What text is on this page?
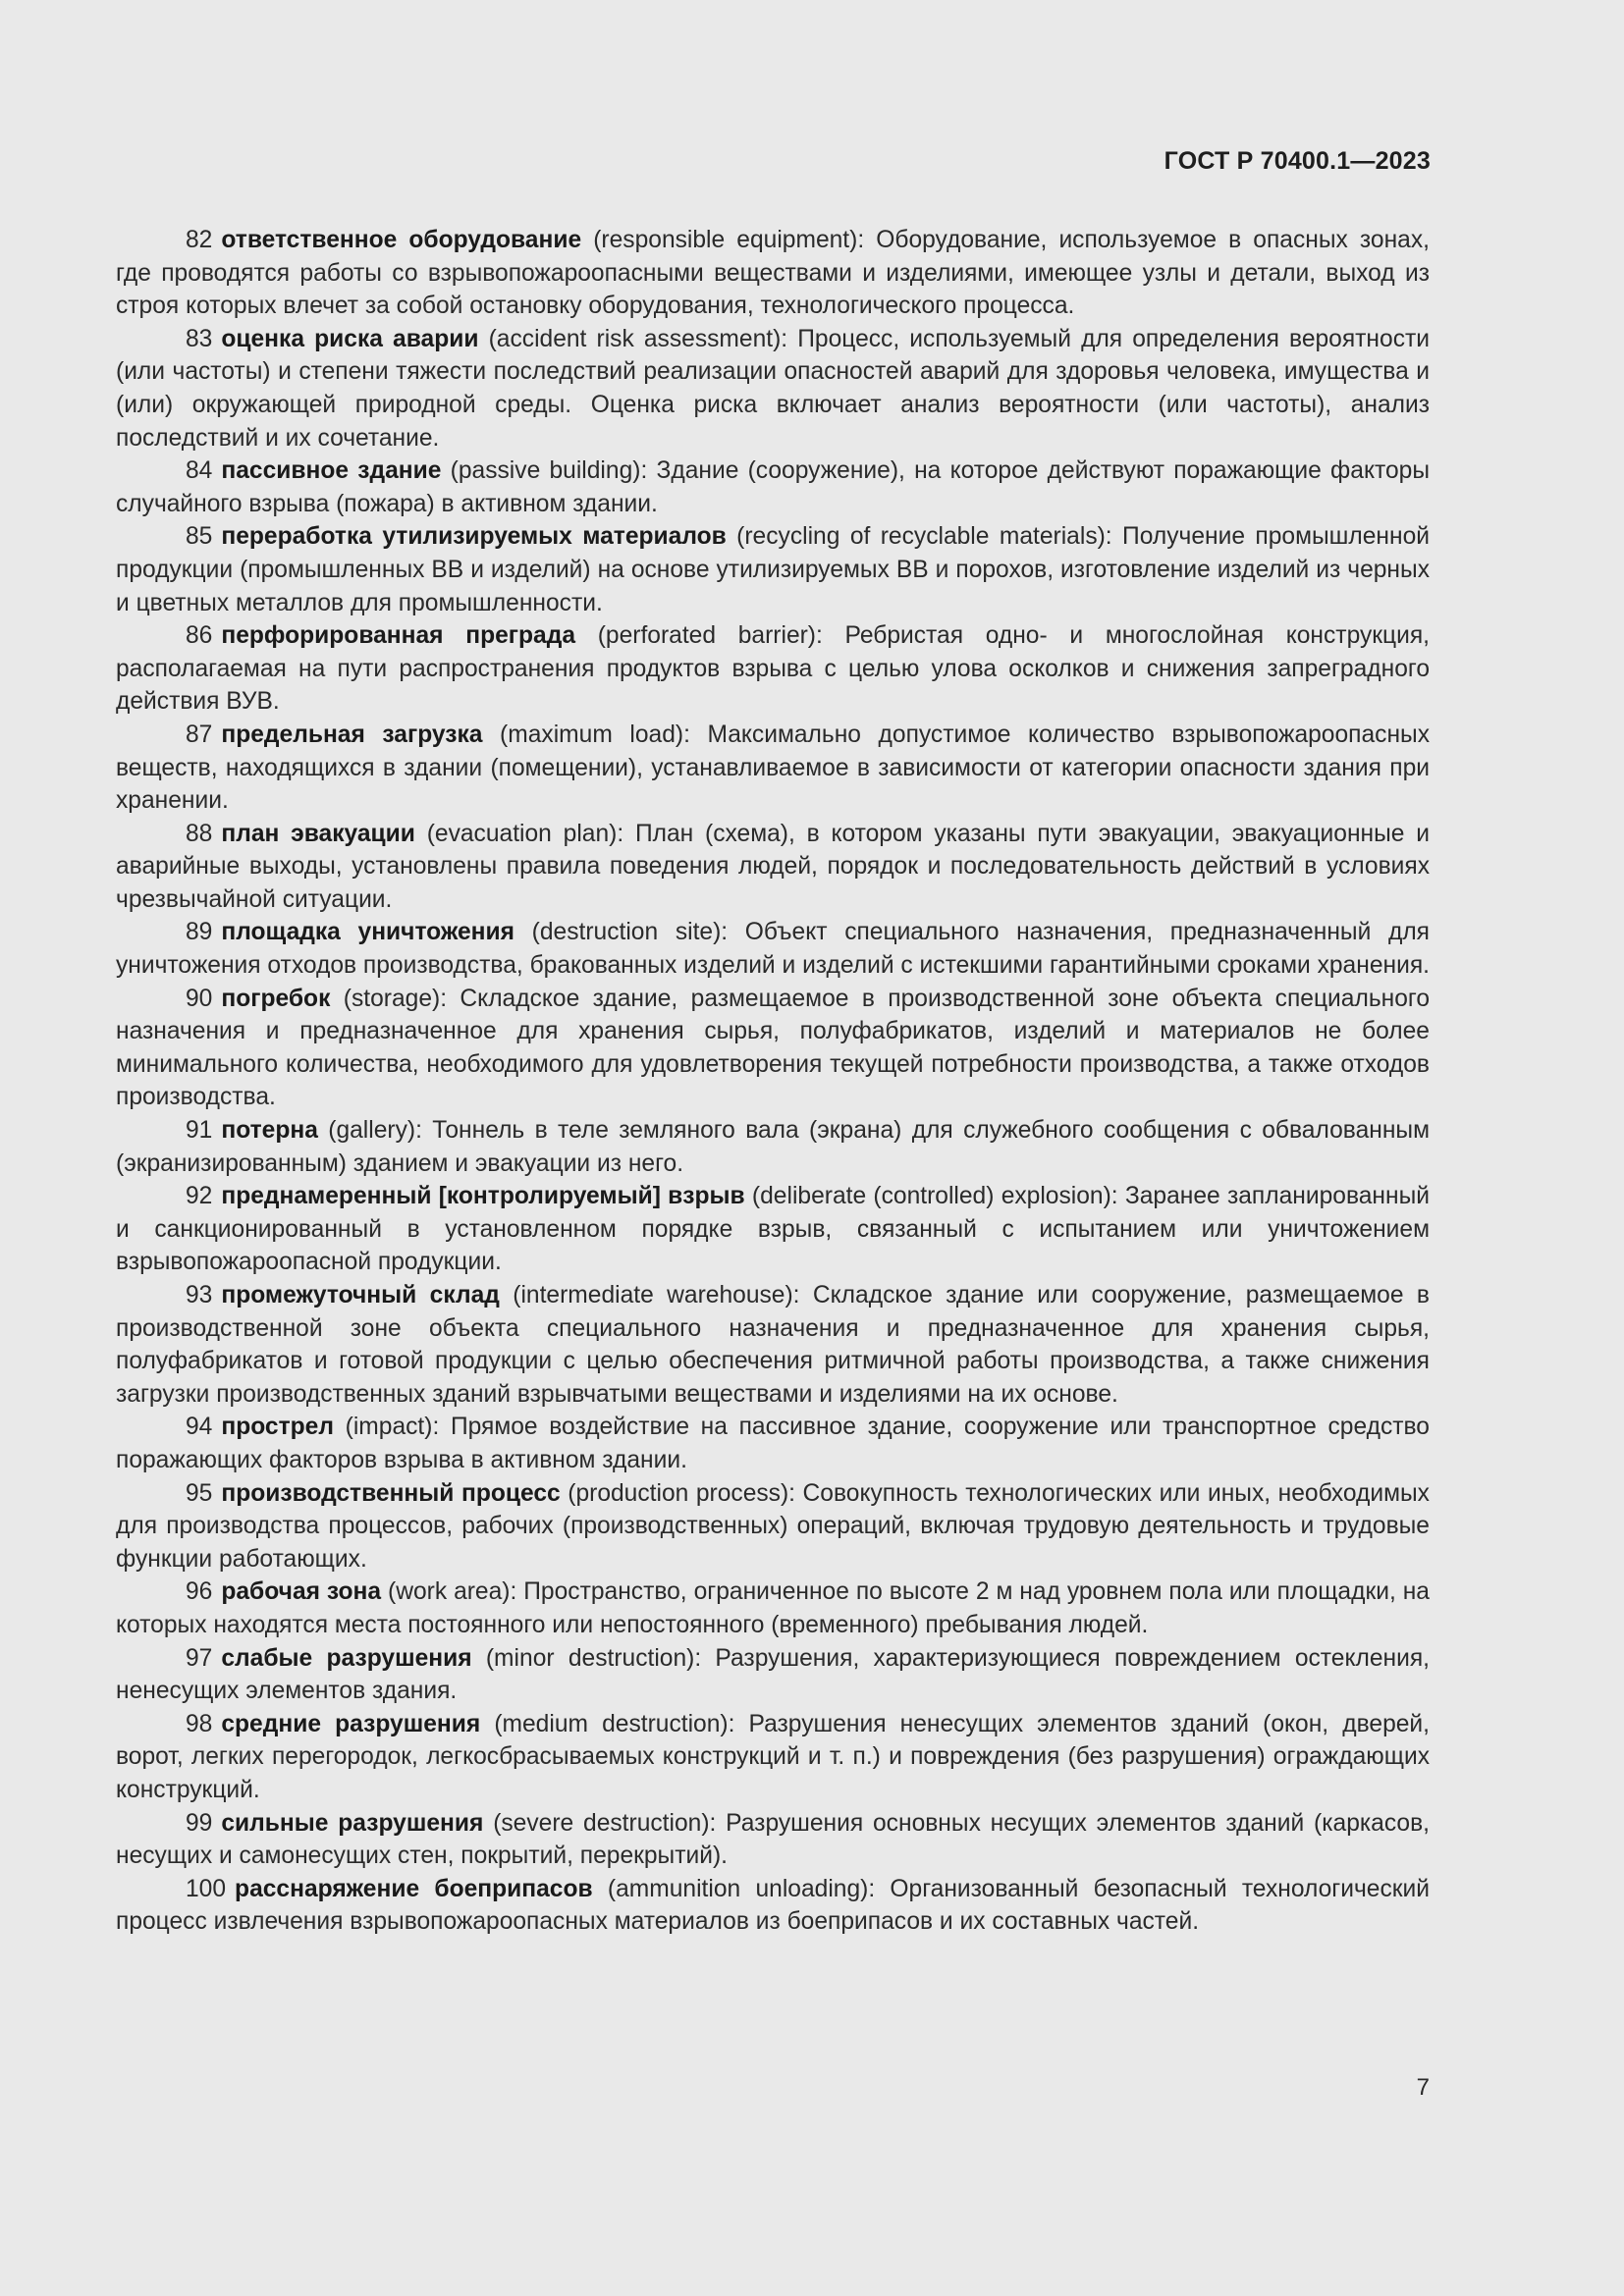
ГОСТ Р 70400.1—2023

82 ответственное оборудование (responsible equipment): Оборудование, используемое в опасных зонах, где проводятся работы со взрывопожароопасными веществами и изделиями, имеющее узлы и детали, выход из строя которых влечет за собой остановку оборудования, технологического процесса.

83 оценка риска аварии (accident risk assessment): Процесс, используемый для определения вероятности (или частоты) и степени тяжести последствий реализации опасностей аварий для здоровья человека, имущества и (или) окружающей природной среды. Оценка риска включает анализ вероятности (или частоты), анализ последствий и их сочетание.

84 пассивное здание (passive building): Здание (сооружение), на которое действуют поражающие факторы случайного взрыва (пожара) в активном здании.

85 переработка утилизируемых материалов (recycling of recyclable materials): Получение промышленной продукции (промышленных ВВ и изделий) на основе утилизируемых ВВ и порохов, изготовление изделий из черных и цветных металлов для промышленности.

86 перфорированная преграда (perforated barrier): Ребристая одно- и многослойная конструкция, располагаемая на пути распространения продуктов взрыва с целью улова осколков и снижения запреградного действия ВУВ.

87 предельная загрузка (maximum load): Максимально допустимое количество взрывопожароопасных веществ, находящихся в здании (помещении), устанавливаемое в зависимости от категории опасности здания при хранении.

88 план эвакуации (evacuation plan): План (схема), в котором указаны пути эвакуации, эвакуационные и аварийные выходы, установлены правила поведения людей, порядок и последовательность действий в условиях чрезвычайной ситуации.

89 площадка уничтожения (destruction site): Объект специального назначения, предназначенный для уничтожения отходов производства, бракованных изделий и изделий с истекшими гарантийными сроками хранения.

90 погребок (storage): Складское здание, размещаемое в производственной зоне объекта специального назначения и предназначенное для хранения сырья, полуфабрикатов, изделий и материалов не более минимального количества, необходимого для удовлетворения текущей потребности производства, а также отходов производства.

91 потерна (gallery): Тоннель в теле земляного вала (экрана) для служебного сообщения с обвалованным (экранизированным) зданием и эвакуации из него.

92 преднамеренный [контролируемый] взрыв (deliberate (controlled) explosion): Заранее запланированный и санкционированный в установленном порядке взрыв, связанный с испытанием или уничтожением взрывопожароопасной продукции.

93 промежуточный склад (intermediate warehouse): Складское здание или сооружение, размещаемое в производственной зоне объекта специального назначения и предназначенное для хранения сырья, полуфабрикатов и готовой продукции с целью обеспечения ритмичной работы производства, а также снижения загрузки производственных зданий взрывчатыми веществами и изделиями на их основе.

94 прострел (impact): Прямое воздействие на пассивное здание, сооружение или транспортное средство поражающих факторов взрыва в активном здании.

95 производственный процесс (production process): Совокупность технологических или иных, необходимых для производства процессов, рабочих (производственных) операций, включая трудовую деятельность и трудовые функции работающих.

96 рабочая зона (work area): Пространство, ограниченное по высоте 2 м над уровнем пола или площадки, на которых находятся места постоянного или непостоянного (временного) пребывания людей.

97 слабые разрушения (minor destruction): Разрушения, характеризующиеся повреждением остекления, ненесущих элементов здания.

98 средние разрушения (medium destruction): Разрушения ненесущих элементов зданий (окон, дверей, ворот, легких перегородок, легкосбрасываемых конструкций и т. п.) и повреждения (без разрушения) ограждающих конструкций.

99 сильные разрушения (severe destruction): Разрушения основных несущих элементов зданий (каркасов, несущих и самонесущих стен, покрытий, перекрытий).

100 расснаряжение боеприпасов (ammunition unloading): Организованный безопасный технологический процесс извлечения взрывопожароопасных материалов из боеприпасов и их составных частей.

7
